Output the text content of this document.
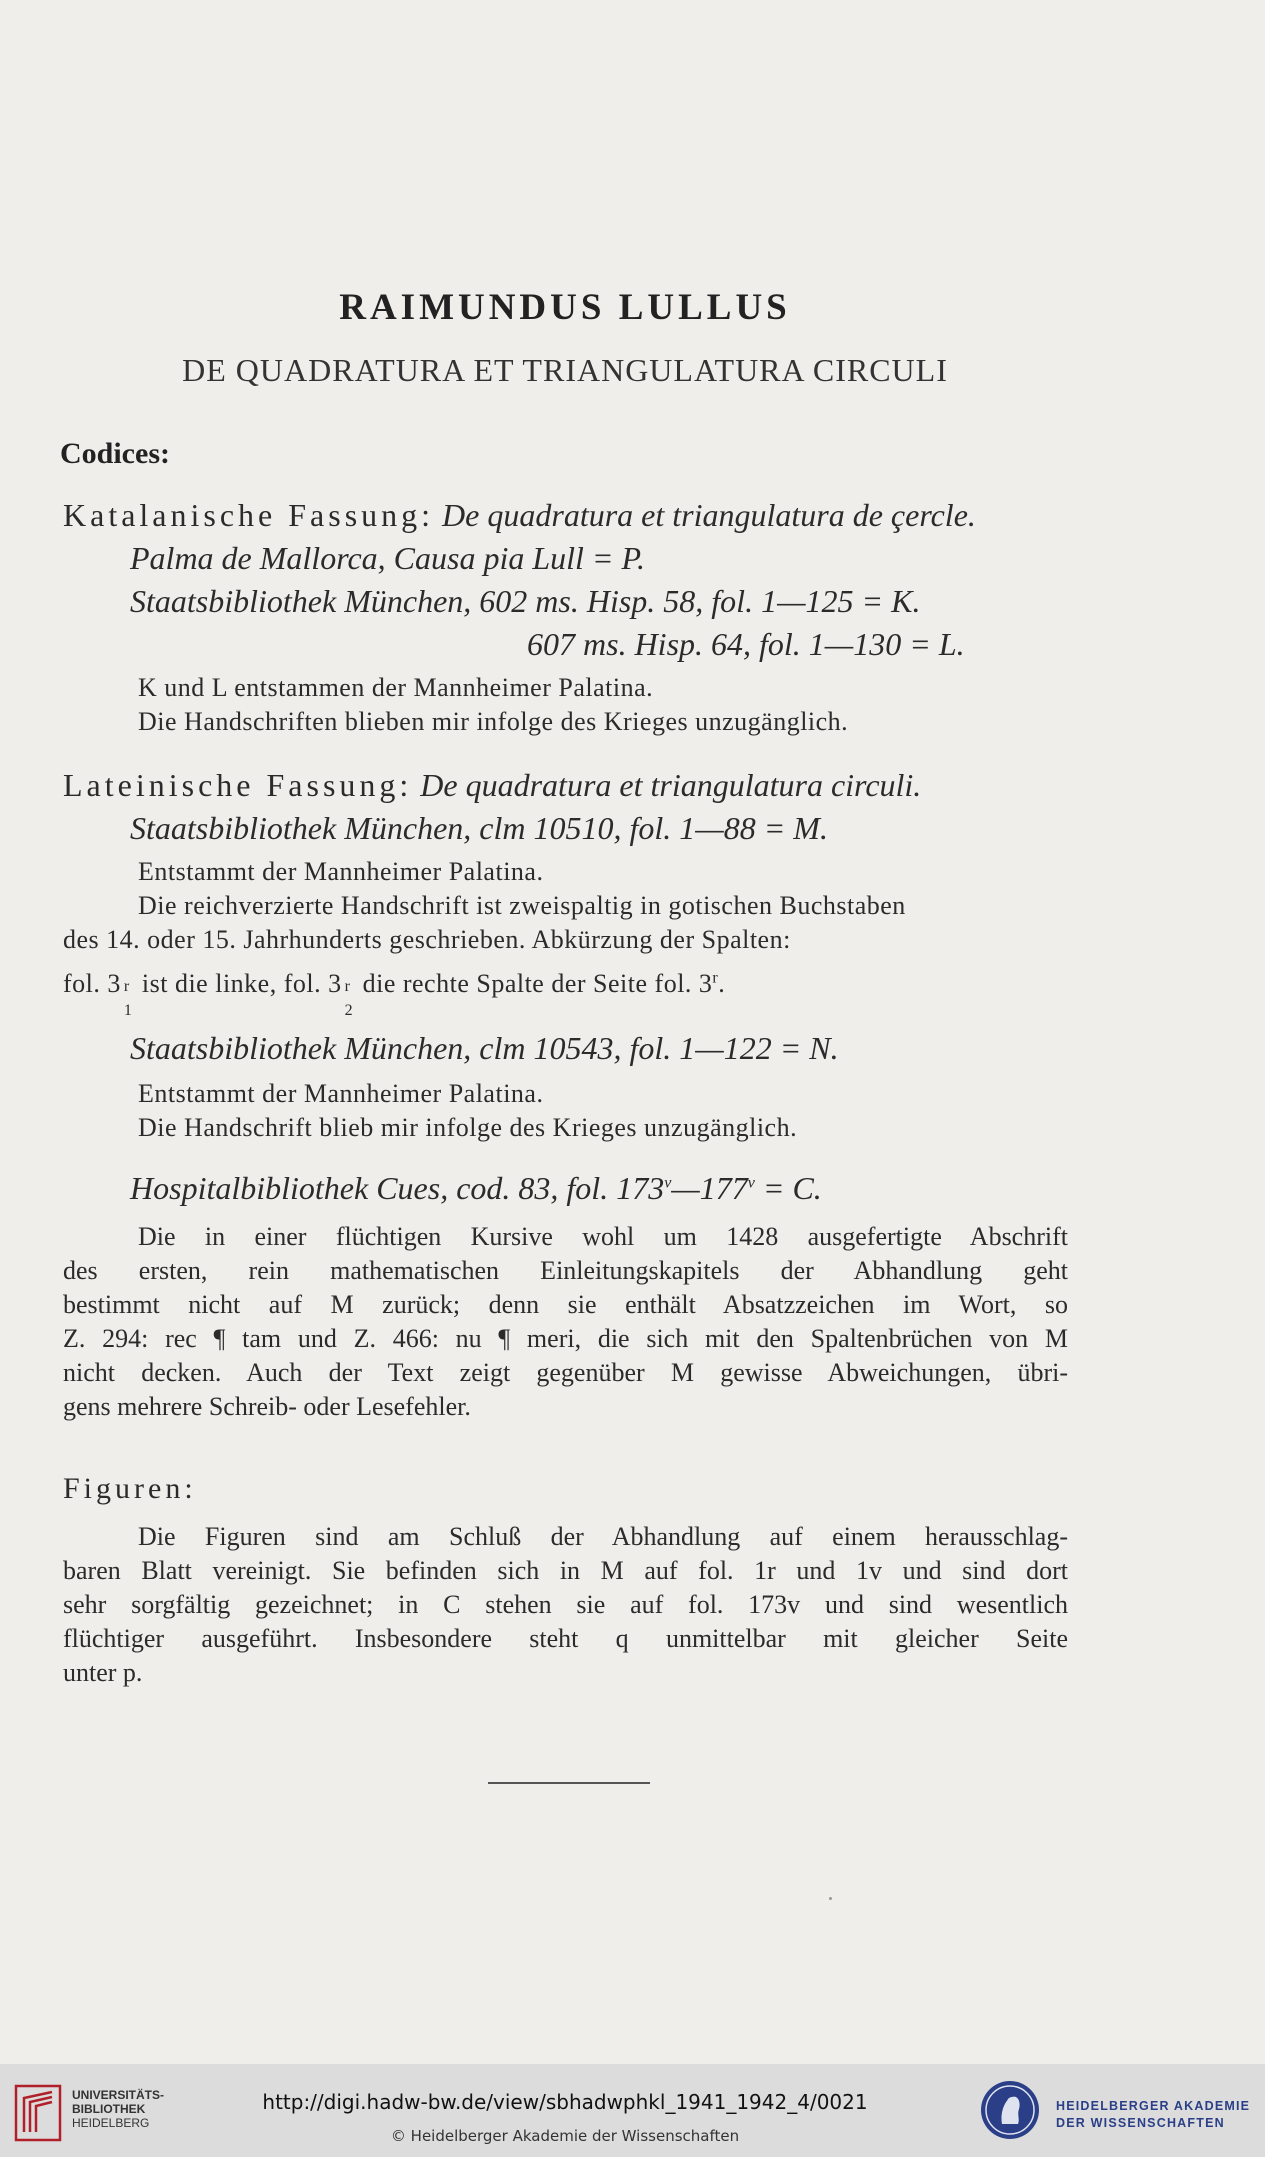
RAIMUNDUS LULLUS
DE QUADRATURA ET TRIANGULATURA CIRCULI
Codices:
Katalanische Fassung: De quadratura et triangulatura de çercle.
Palma de Mallorca, Causa pia Lull = P.
Staatsbibliothek München, 602 ms. Hisp. 58, fol. 1—125 = K.
607 ms. Hisp. 64, fol. 1—130 = L.
K und L entstammen der Mannheimer Palatina.
Die Handschriften blieben mir infolge des Krieges unzugänglich.
Lateinische Fassung: De quadratura et triangulatura circuli.
Staatsbibliothek München, clm 10510, fol. 1—88 = M.
Entstammt der Mannheimer Palatina.
Die reichverzierte Handschrift ist zweispaltig in gotischen Buchstaben
des 14. oder 15. Jahrhunderts geschrieben. Abkürzung der Spalten:
fol. 3 r
1
ist die linke, fol. 3 r
2
die rechte Spalte der Seite fol. 3$^r$.
Staatsbibliothek München, clm 10543, fol. 1—122 = N.
Entstammt der Mannheimer Palatina.
Die Handschrift blieb mir infolge des Krieges unzugänglich.
Hospitalbibliothek Cues, cod. 83, fol. $173^v—177^v = C$.
Die in einer flüchtigen Kursive wohl um 1428 ausgefertigte Abschrift
des ersten, rein mathematischen Einleitungskapitels der Abhandlung geht
bestimmt nicht auf M zurück; denn sie enthält Absatzzeichen im Wort, so
Z. 294: rec ¶ tam und Z. 466: nu ¶ meri, die sich mit den Spaltenbrüchen von M
nicht decken. Auch der Text zeigt gegenüber M gewisse Abweichungen, übri-
gens mehrere Schreib- oder Lesefehler.
Figuren:
Die Figuren sind am Schluß der Abhandlung auf einem herausschlag-
baren Blatt vereinigt. Sie befinden sich in M auf fol. 1r und 1v und sind dort
sehr sorgfältig gezeichnet; in C stehen sie auf fol. 173v und sind wesentlich
flüchtiger ausgeführt. Insbesondere steht q unmittelbar mit gleicher Seite
unter p.
UNIVERSITÄTS-
BIBLIOTHEK
HEIDELBERG
http://digi.hadw-bw.de/view/sbhadwphkl_1941_1942_4/0021
© Heidelberger Akademie der Wissenschaften
HEIDELBERGER AKADEMIE
DER WISSENSCHAFTEN
